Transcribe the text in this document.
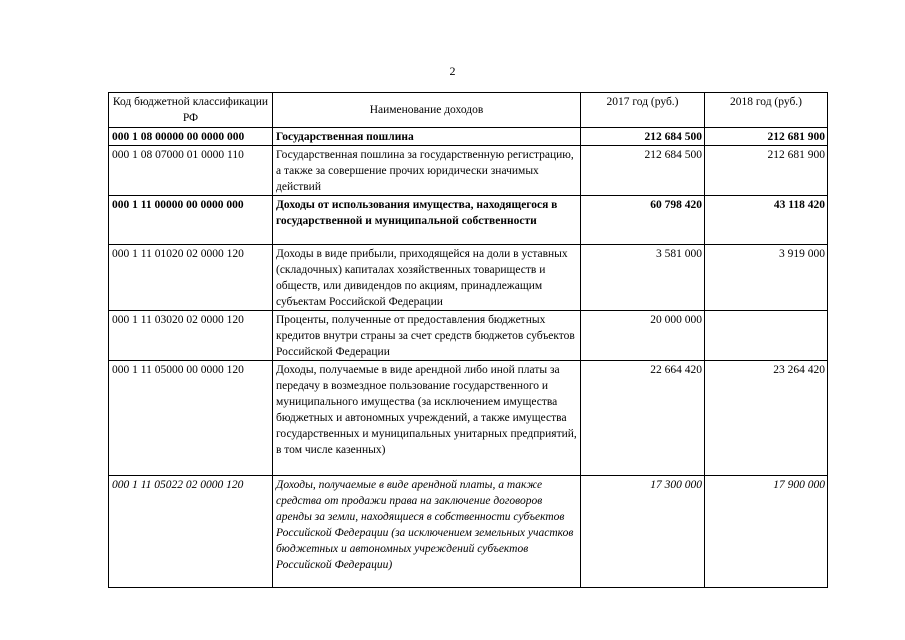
2
Код бюджетной классификации РФ	Наименование доходов	2017 год (руб.)	2018 год (руб.)
000 1 08 00000 00 0000 000	Государственная пошлина	212 684 500	212 681 900
000 1 08 07000 01 0000 110	Государственная пошлина за государственную регистрацию, а также за совершение прочих юридически значимых действий	212 684 500	212 681 900
000 1 11 00000 00 0000 000	Доходы от использования имущества, находящегося в государственной и муниципальной собственности	60 798 420	43 118 420
000 1 11 01020 02 0000 120	Доходы в виде прибыли, приходящейся на доли в уставных (складочных) капиталах хозяйственных товариществ и обществ, или дивидендов по акциям, принадлежащим субъектам Российской Федерации	3 581 000	3 919 000
000 1 11 03020 02 0000 120	Проценты, полученные от предоставления бюджетных кредитов внутри страны за счет средств бюджетов субъектов Российской Федерации	20 000 000	
000 1 11 05000 00 0000 120	Доходы, получаемые в виде арендной либо иной платы за передачу в возмездное пользование государственного и муниципального имущества (за исключением имущества бюджетных и автономных учреждений, а также имущества государственных и муниципальных унитарных предприятий, в том числе казенных)	22 664 420	23 264 420
000 1 11 05022 02 0000 120	Доходы, получаемые в виде арендной платы, а также средства от продажи права на заключение договоров аренды за земли, находящиеся в собственности субъектов Российской Федерации (за исключением земельных участков бюджетных и автономных учреждений субъектов Российской Федерации)	17 300 000	17 900 000
